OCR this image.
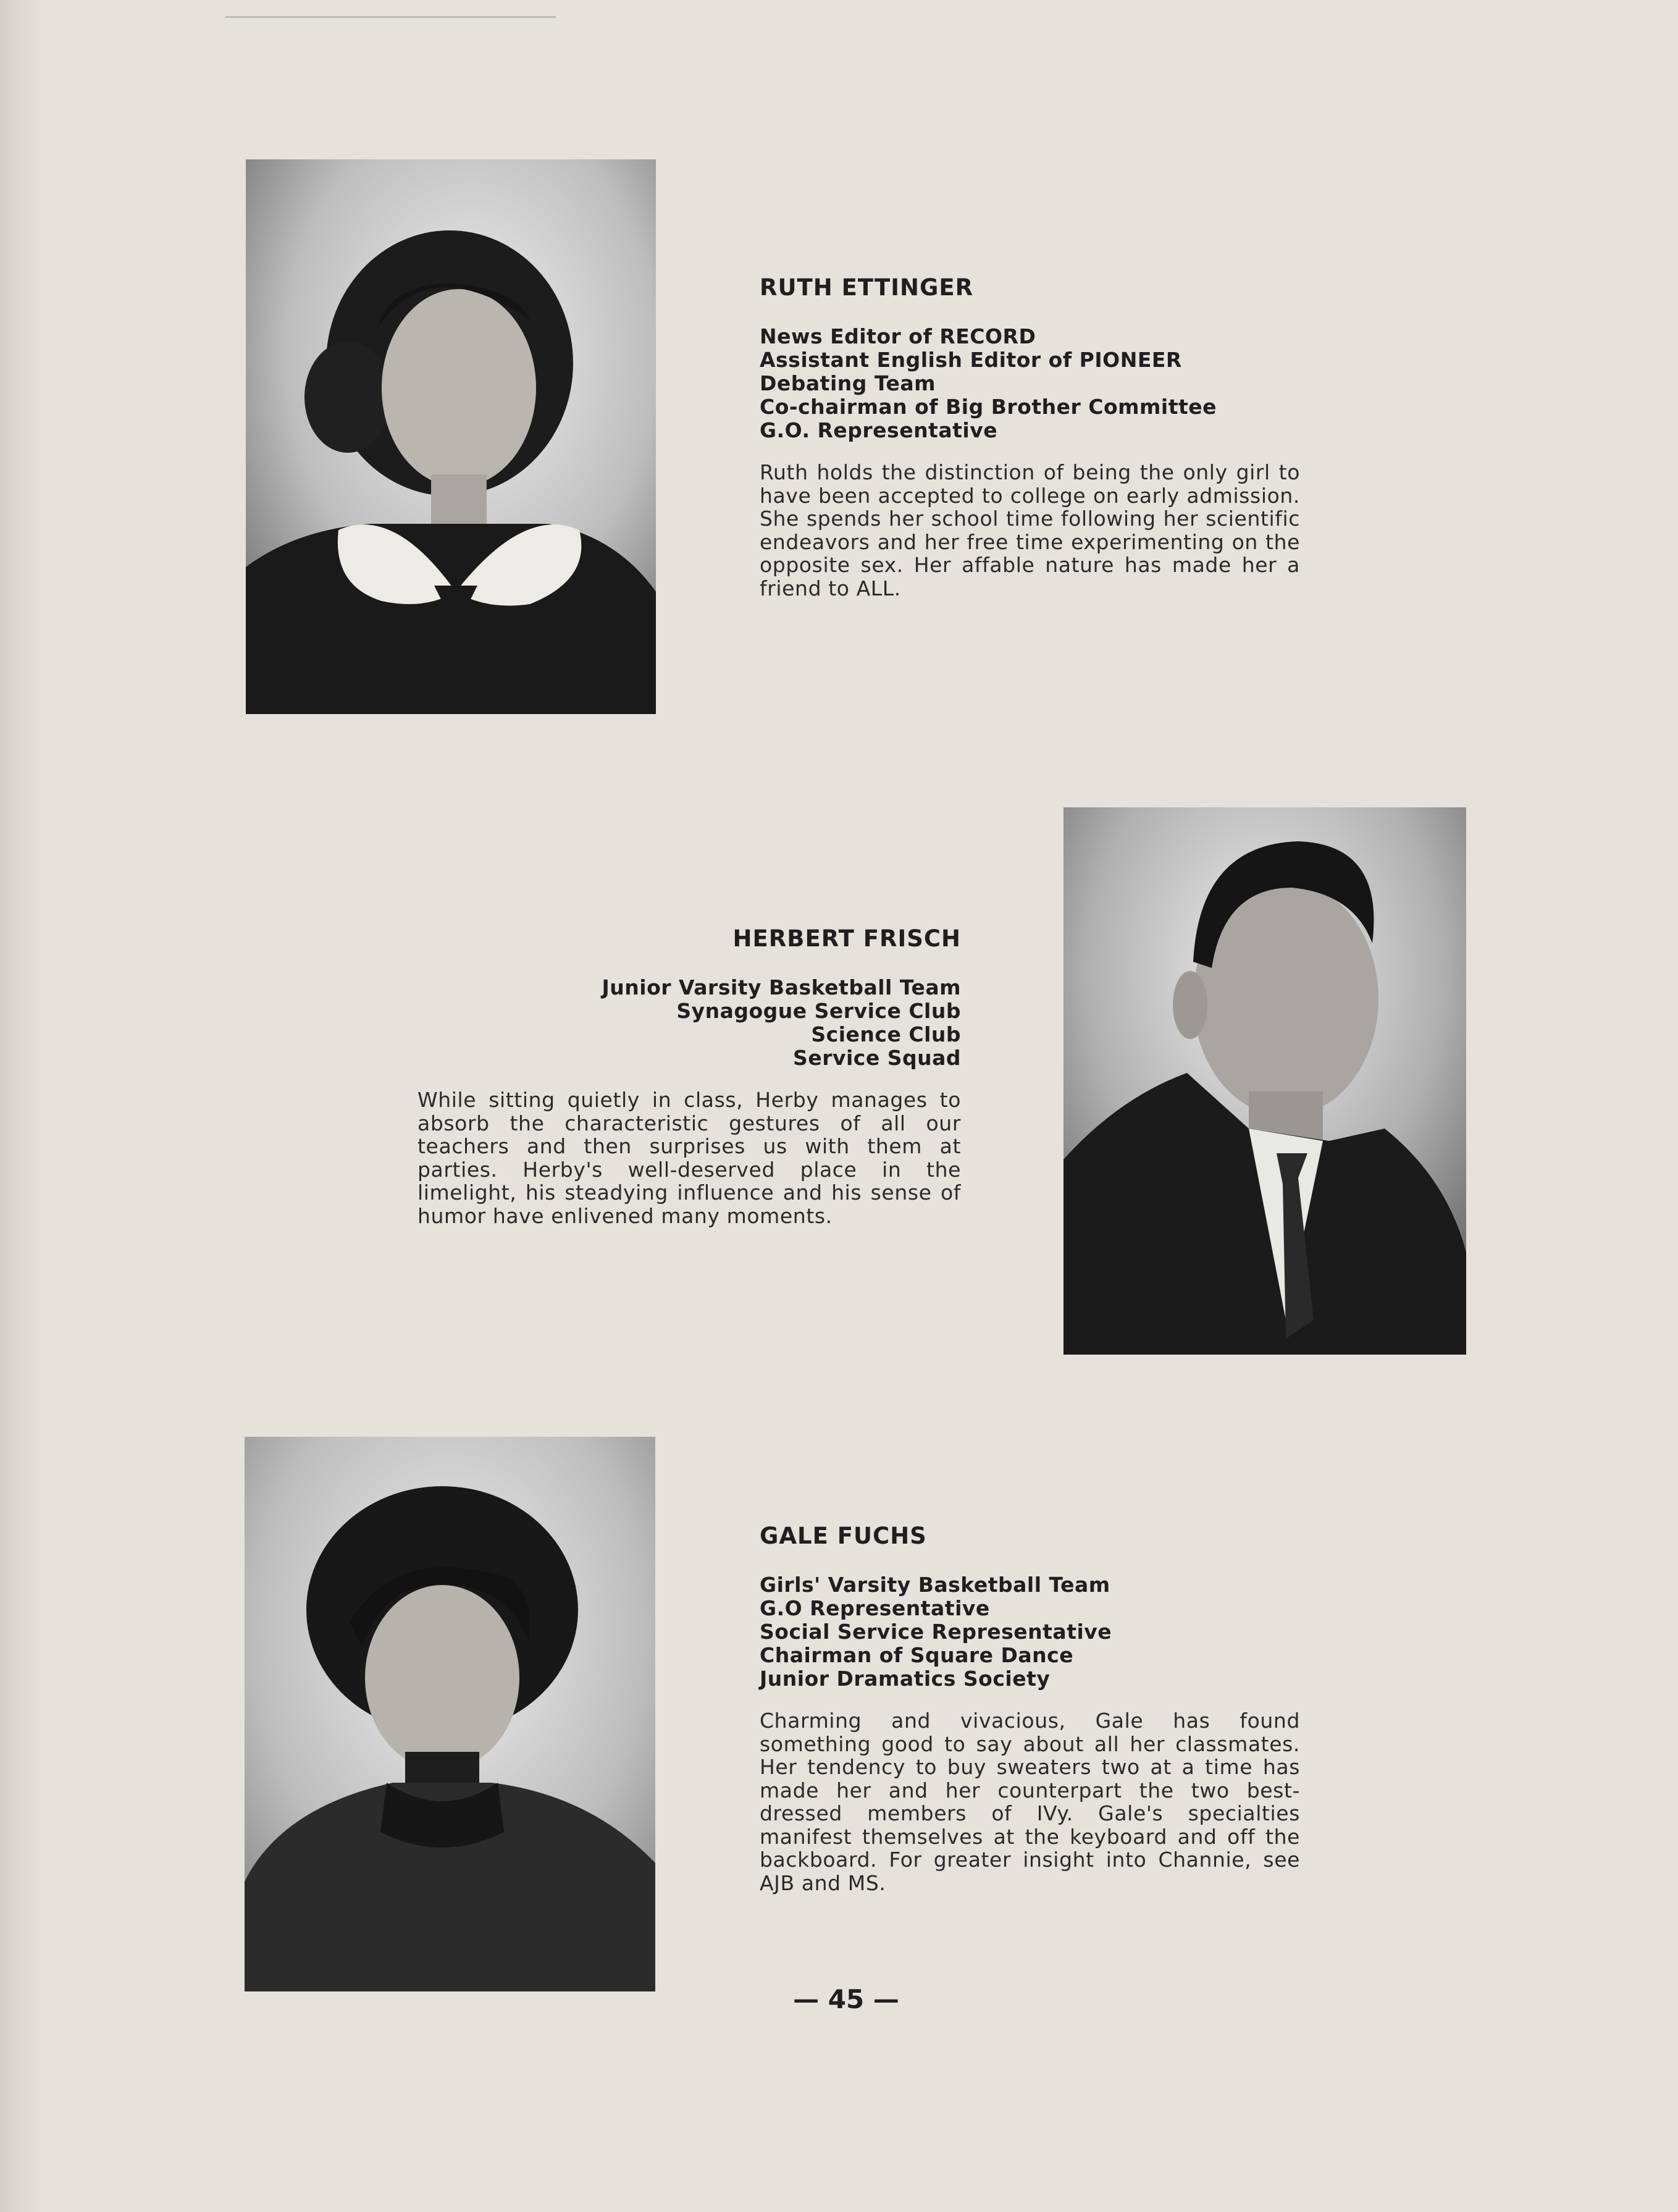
RUTH ETTINGER
News Editor of RECORD
Assistant English Editor of PIONEER
Debating Team
Co-chairman of Big Brother Committee
G.O. Representative

Ruth holds the distinction of being the only girl to have been accepted to college on early admission. She spends her school time following her scientific endeavors and her free time experimenting on the opposite sex. Her affable nature has made her a friend to ALL.

HERBERT FRISCH
Junior Varsity Basketball Team
Synagogue Service Club
Science Club
Service Squad

While sitting quietly in class, Herby manages to absorb the characteristic gestures of all our teachers and then surprises us with them at parties. Herby's well-deserved place in the limelight, his steadying influence and his sense of humor have enlivened many moments.

GALE FUCHS
Girls' Varsity Basketball Team
G.O Representative
Social Service Representative
Chairman of Square Dance
Junior Dramatics Society

Charming and vivacious, Gale has found something good to say about all her classmates. Her tendency to buy sweaters two at a time has made her and her counterpart the two best-dressed members of IVy. Gale's specialties manifest themselves at the keyboard and off the backboard. For greater insight into Channie, see AJB and MS.

— 45 —
